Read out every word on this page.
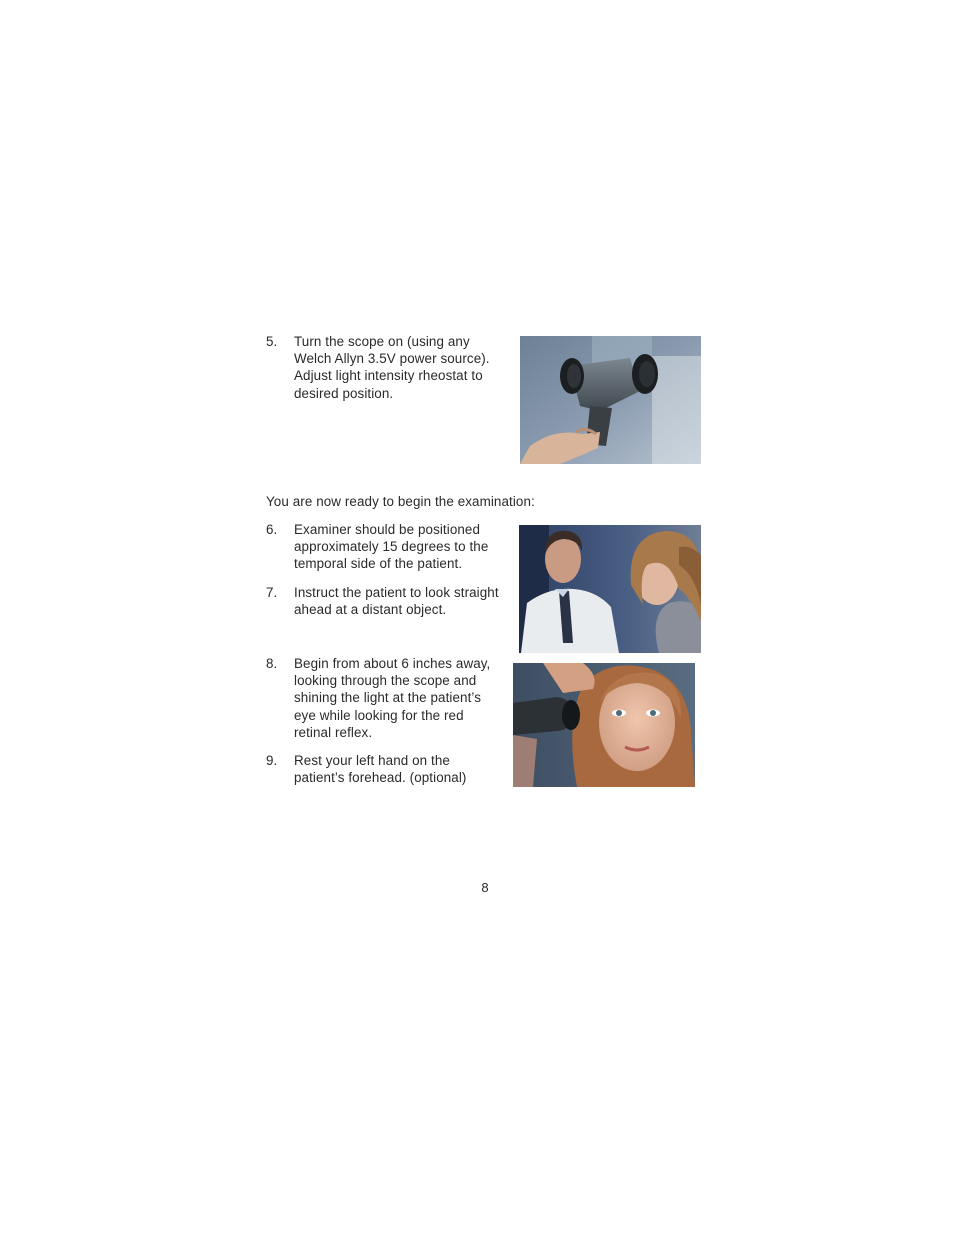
5.	Turn the scope on (using any
Welch Allyn 3.5V power source).
Adjust light intensity rheostat to
desired position.
You are now ready to begin the examination:
6.	Examiner should be positioned
approximately 15 degrees to the
temporal side of the patient.
7.	Instruct the patient to look straight
ahead at a distant object.
8.	Begin from about 6 inches away,
looking through the scope and
shining the light at the patient’s
eye while looking for the red
retinal reflex.
9.	Rest your left hand on the
patient’s forehead. (optional)
8
